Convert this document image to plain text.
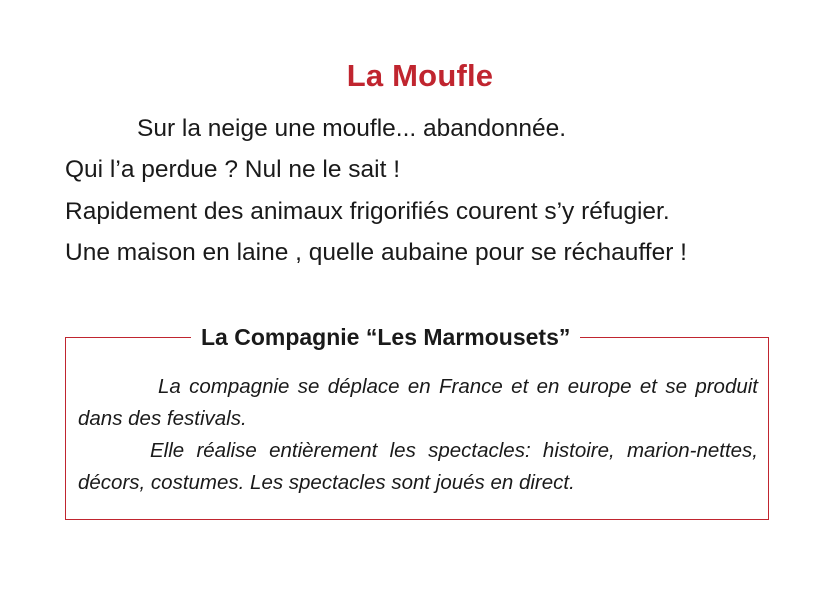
La Moufle
Sur la neige une moufle... abandonnée.
Qui l’a perdue ? Nul ne le sait !
Rapidement des animaux frigorifiés courent s’y réfugier.
Une maison en laine , quelle aubaine pour se réchauffer !
La Compagnie “Les Marmousets”

La compagnie se déplace en France et en europe et se produit dans des festivals.

Elle réalise entièrement les spectacles: histoire, marion-nettes, décors, costumes. Les spectacles sont joués en direct.
